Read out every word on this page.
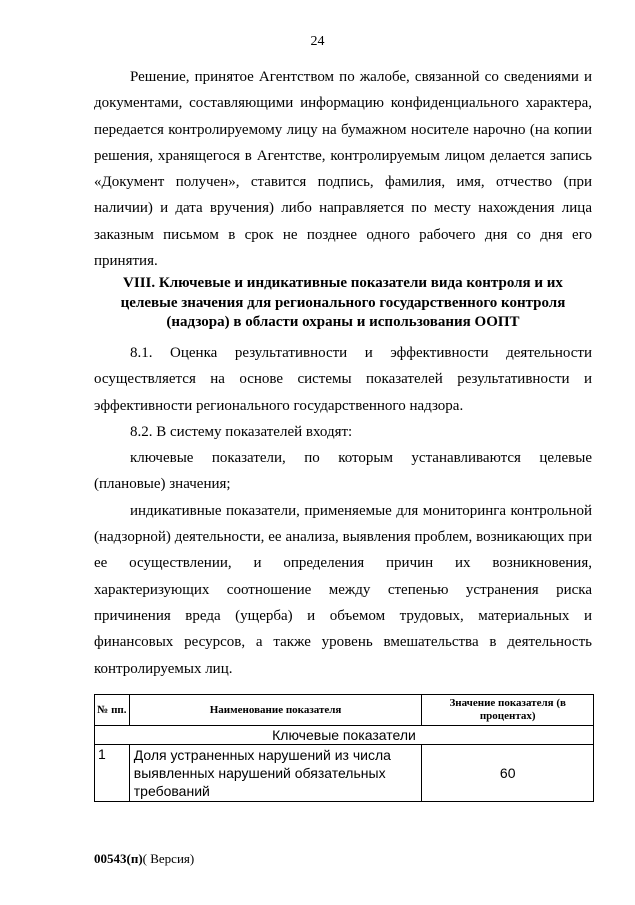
24

Решение, принятое Агентством по жалобе, связанной со сведениями и документами, составляющими информацию конфиденциального характера, передается контролируемому лицу на бумажном носителе нарочно (на копии решения, хранящегося в Агентстве, контролируемым лицом делается запись «Документ получен», ставится подпись, фамилия, имя, отчество (при наличии) и дата вручения) либо направляется по месту нахождения лица заказным письмом в срок не позднее одного рабочего дня со дня его принятия.

VIII. Ключевые и индикативные показатели вида контроля и их
целевые значения для регионального государственного контроля
(надзора) в области охраны и использования ООПТ

8.1. Оценка результативности и эффективности деятельности осуществляется на основе системы показателей результативности и эффективности регионального государственного надзора.

8.2. В систему показателей входят:

ключевые показатели, по которым устанавливаются целевые (плановые) значения;

индикативные показатели, применяемые для мониторинга контрольной (надзорной) деятельности, ее анализа, выявления проблем, возникающих при ее осуществлении, и определения причин их возникновения, характеризующих соотношение между степенью устранения риска причинения вреда (ущерба) и объемом трудовых, материальных и финансовых ресурсов, а также уровень вмешательства в деятельность контролируемых лиц.

№ пп.	Наименование показателя	Значение показателя (в процентах)
Ключевые показатели		
1	Доля устраненных нарушений из числа выявленных нарушений обязательных требований	60
00543(п)( Версия)
